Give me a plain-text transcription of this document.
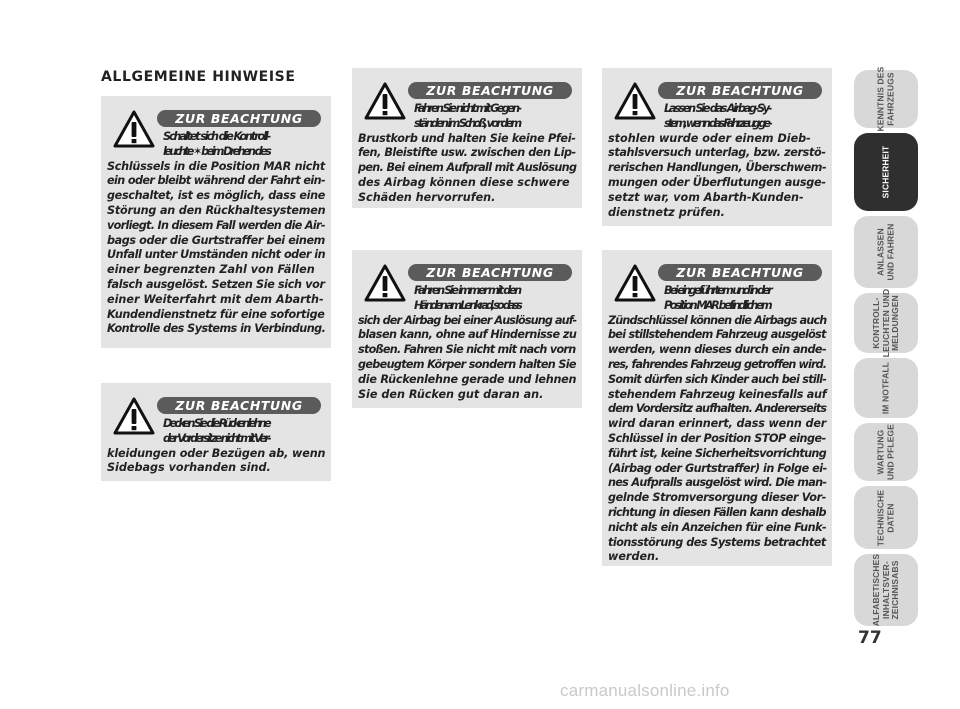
ALLGEMEINE HINWEISE
ZUR BEACHTUNG
Schaltet sich die Kontroll-
leuchte ✶ beim Drehen des
Schlüssels in die Position MAR nicht
ein oder bleibt während der Fahrt ein-
geschaltet, ist es möglich, dass eine
Störung an den Rückhaltesystemen
vorliegt. In diesem Fall werden die Air-
bags oder die Gurtstraffer bei einem
Unfall unter Umständen nicht oder in
einer begrenzten Zahl von Fällen
falsch ausgelöst. Setzen Sie sich vor
einer Weiterfahrt mit dem Abarth-
Kundendienstnetz für eine sofortige
Kontrolle des Systems in Verbindung.
ZUR BEACHTUNG
Decken Sie die Rückenlehne
der Vordersitze nicht mit Ver-
kleidungen oder Bezügen ab, wenn
Sidebags vorhanden sind.
ZUR BEACHTUNG
Fahren Sie nicht mit Gegen-
ständen im Schoß, vor dem
Brustkorb und halten Sie keine Pfei-
fen, Bleistifte usw. zwischen den Lip-
pen. Bei einem Aufprall mit Auslösung
des Airbag können diese schwere
Schäden hervorrufen.
ZUR BEACHTUNG
Fahren Sie immer mit den
Händen am Lenkrad, so dass
sich der Airbag bei einer Auslösung auf-
blasen kann, ohne auf Hindernisse zu
stoßen. Fahren Sie nicht mit nach vorn
gebeugtem Körper sondern halten Sie
die Rückenlehne gerade und lehnen
Sie den Rücken gut daran an.
ZUR BEACHTUNG
Lassen Sie das Airbag-Sy-
stem, wenn das Fahrzeug ge-
stohlen wurde oder einem Dieb-
stahlsversuch unterlag, bzw. zerstö-
rerischen Handlungen, Überschwem-
mungen oder Überflutungen ausge-
setzt war, vom Abarth-Kunden-
dienstnetz prüfen.
ZUR BEACHTUNG
Bei eingeführtem und in der
Position MAR befindlichem
Zündschlüssel können die Airbags auch
bei stillstehendem Fahrzeug ausgelöst
werden, wenn dieses durch ein ande-
res, fahrendes Fahrzeug getroffen wird.
Somit dürfen sich Kinder auch bei still-
stehendem Fahrzeug keinesfalls auf
dem Vordersitz aufhalten. Andererseits
wird daran erinnert, dass wenn der
Schlüssel in der Position STOP einge-
führt ist, keine Sicherheitsvorrichtung
(Airbag oder Gurtstraffer) in Folge ei-
nes Aufpralls ausgelöst wird. Die man-
gelnde Stromversorgung dieser Vor-
richtung in diesen Fällen kann deshalb
nicht als ein Anzeichen für eine Funk-
tionsstörung des Systems betrachtet
werden.
KENNTNIS DES FAHRZEUGS
SICHERHEIT
ANLASSEN UND FAHREN
KONTROLL- LEUCHTEN UND MELDUNGEN
IM NOTFALL
WARTUNG UND PFLEGE
TECHNISCHE DATEN
ALFABETISCHES INHALTSVER- ZEICHNISABS
77
carmanualsonline.info
